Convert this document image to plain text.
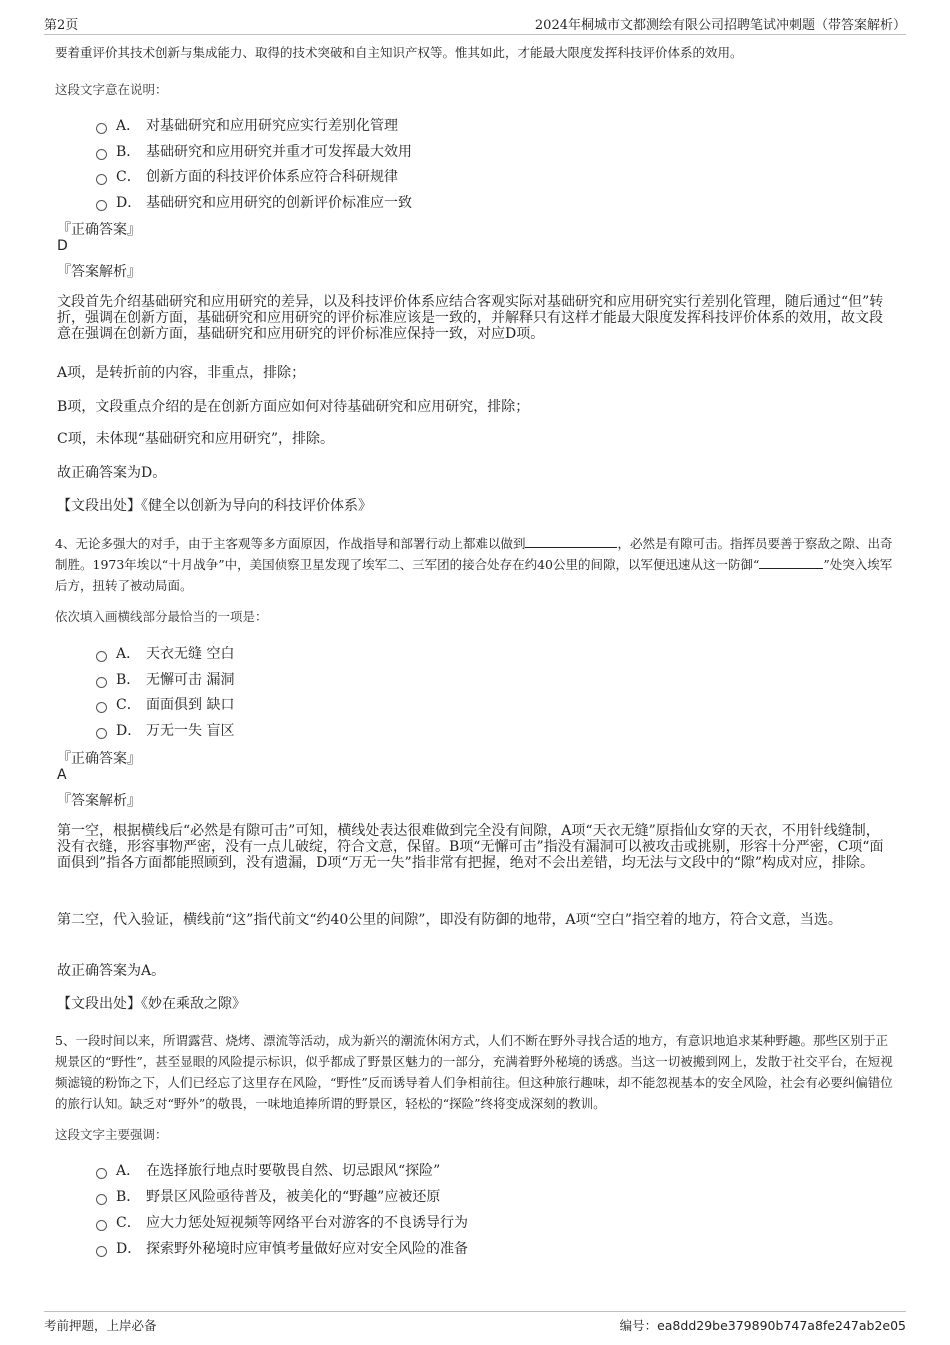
第2页	2024年桐城市文都测绘有限公司招聘笔试冲刺题（带答案解析）

要着重评价其技术创新与集成能力、取得的技术突破和自主知识产权等。惟其如此，才能最大限度发挥科技评价体系的效用。

这段文字意在说明：

A． 对基础研究和应用研究应实行差别化管理
B． 基础研究和应用研究并重才可发挥最大效用
C． 创新方面的科技评价体系应符合科研规律
D． 基础研究和应用研究的创新评价标准应一致

『正确答案』

D

『答案解析』

文段首先介绍基础研究和应用研究的差异，以及科技评价体系应结合客观实际对基础研究和应用研究实行差别化管理，随后通过“但”转折，强调在创新方面，基础研究和应用研究的评价标准应该是一致的，并解释只有这样才能最大限度发挥科技评价体系的效用，故文段意在强调在创新方面，基础研究和应用研究的评价标准应保持一致，对应D项。

A项，是转折前的内容，非重点，排除；

B项，文段重点介绍的是在创新方面应如何对待基础研究和应用研究，排除；

C项，未体现“基础研究和应用研究”，排除。

故正确答案为D。

【文段出处】《健全以创新为导向的科技评价体系》

4、无论多强大的对手，由于主客观等多方面原因，作战指导和部署行动上都难以做到	，必然是有隙可击。指挥员要善于察敌之隙、出奇制胜。1973年埃以“十月战争”中，美国侦察卫星发现了埃军二、三军团的接合处存在约40公里的间隙，以军便迅速从这一防御“	”处突入埃军后方，扭转了被动局面。

依次填入画横线部分最恰当的一项是：

A． 天衣无缝 空白
B． 无懈可击 漏洞
C． 面面俱到 缺口
D． 万无一失 盲区

『正确答案』

A

『答案解析』

第一空，根据横线后“必然是有隙可击”可知，横线处表达很难做到完全没有间隙，A项“天衣无缝”原指仙女穿的天衣，不用针线缝制，没有衣缝，形容事物严密，没有一点儿破绽，符合文意，保留。B项“无懈可击”指没有漏洞可以被攻击或挑剔，形容十分严密，C项“面面俱到”指各方面都能照顾到，没有遗漏，D项“万无一失”指非常有把握，绝对不会出差错，均无法与文段中的“隙”构成对应，排除。

第二空，代入验证，横线前“这”指代前文“约40公里的间隙”，即没有防御的地带，A项“空白”指空着的地方，符合文意，当选。

故正确答案为A。

【文段出处】《妙在乘敌之隙》

5、一段时间以来，所谓露营、烧烤、漂流等活动，成为新兴的潮流休闲方式，人们不断在野外寻找合适的地方，有意识地追求某种野趣。那些区别于正规景区的“野性”，甚至显眼的风险提示标识，似乎都成了野景区魅力的一部分，充满着野外秘境的诱惑。当这一切被搬到网上，发散于社交平台，在短视频滤镜的粉饰之下，人们已经忘了这里存在风险，“野性”反而诱导着人们争相前往。但这种旅行趣味，却不能忽视基本的安全风险，社会有必要纠偏错位的旅行认知。缺乏对“野外”的敬畏，一味地追捧所谓的野景区，轻松的“探险”终将变成深刻的教训。

这段文字主要强调：

A． 在选择旅行地点时要敬畏自然、切忌跟风“探险”
B． 野景区风险亟待普及，被美化的“野趣”应被还原
C． 应大力惩处短视频等网络平台对游客的不良诱导行为
D． 探索野外秘境时应审慎考量做好应对安全风险的准备
考前押题，上岸必备	编号：ea8dd29be379890b747a8fe247ab2e05
